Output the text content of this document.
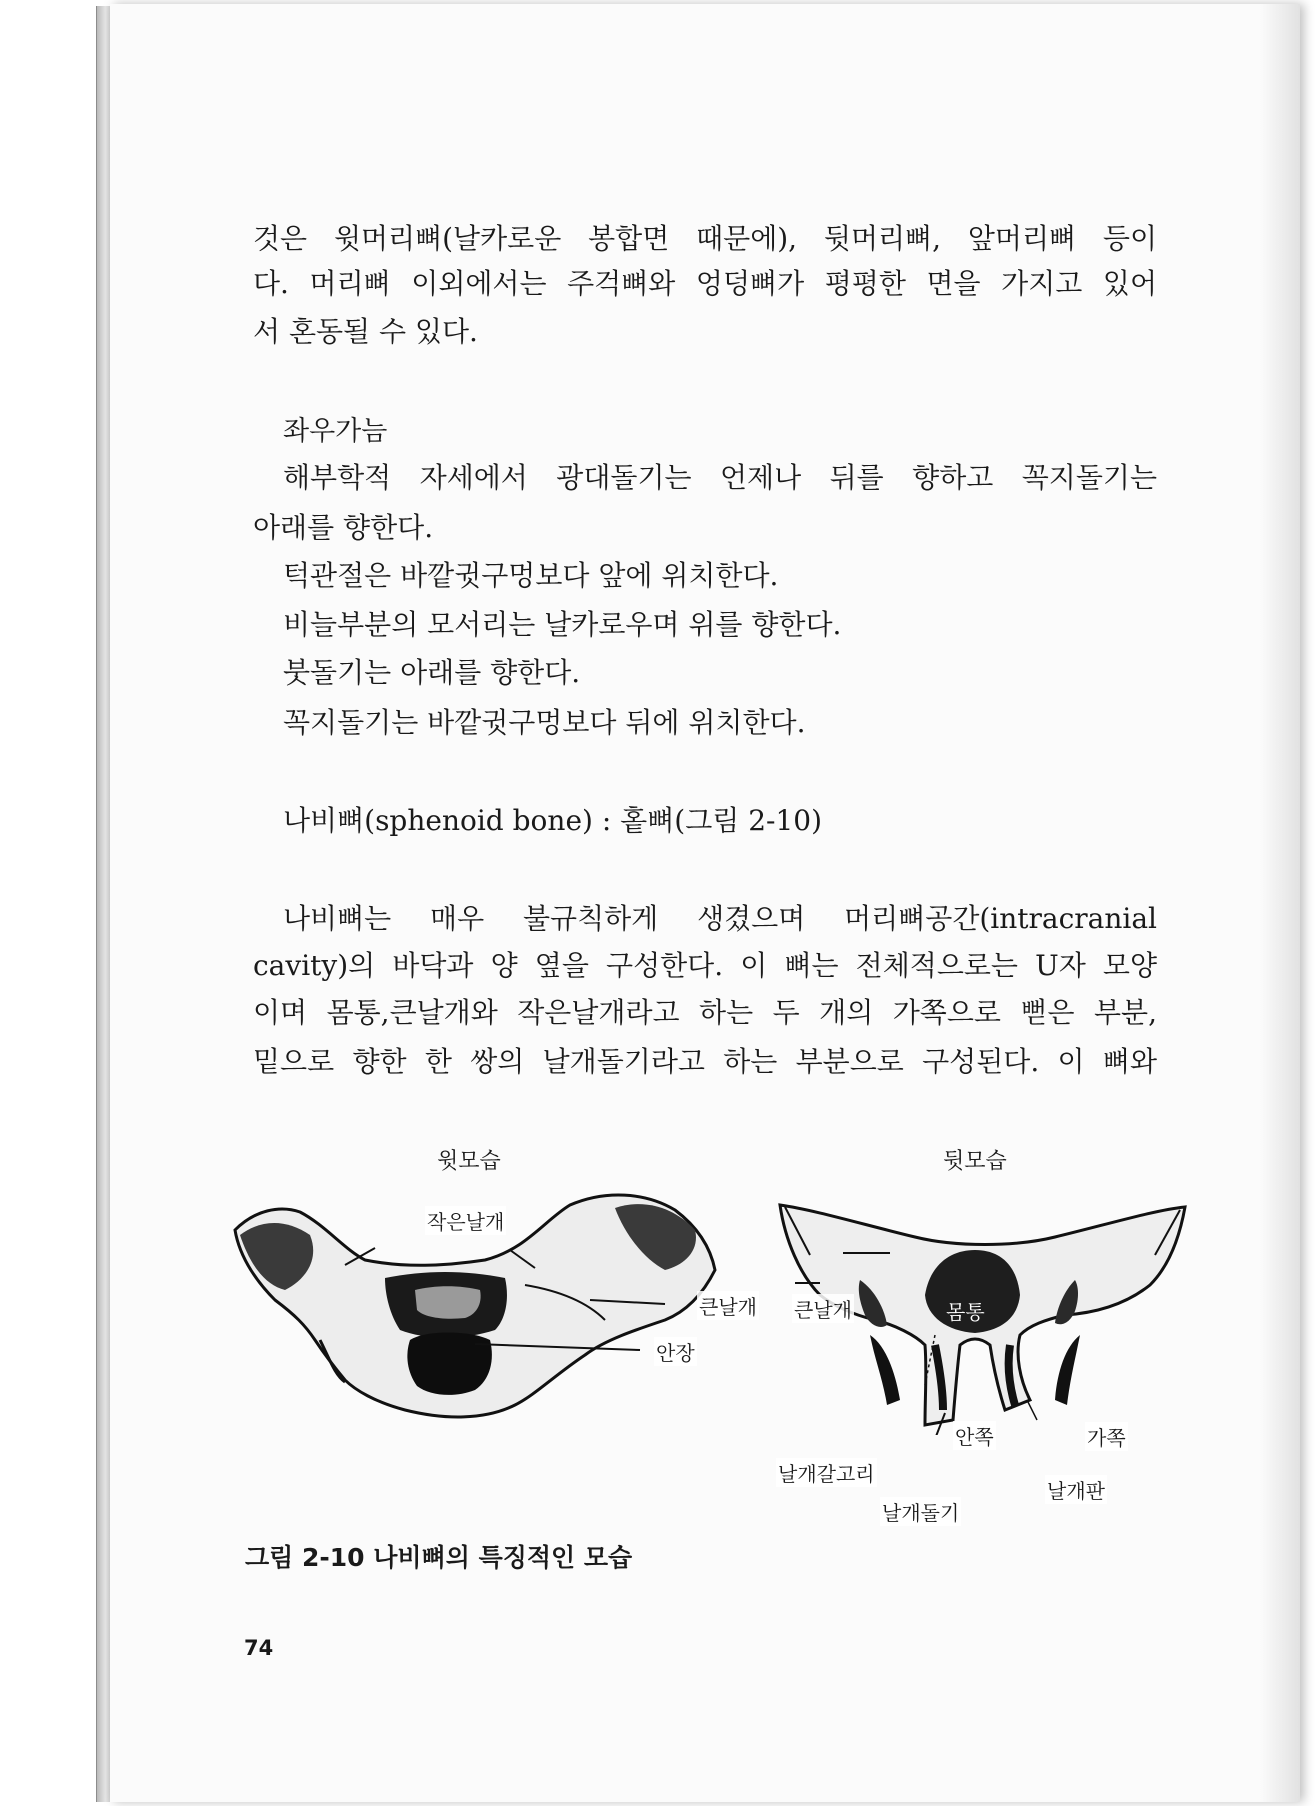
것은 윗머리뼈(날카로운 봉합면 때문에), 뒷머리뼈, 앞머리뼈 등이
다. 머리뼈 이외에서는 주걱뼈와 엉덩뼈가 평평한 면을 가지고 있어
서 혼동될 수 있다.
좌우가늠
해부학적 자세에서 광대돌기는 언제나 뒤를 향하고 꼭지돌기는
아래를 향한다.
턱관절은 바깥귓구멍보다 앞에 위치한다.
비늘부분의 모서리는 날카로우며 위를 향한다.
붓돌기는 아래를 향한다.
꼭지돌기는 바깥귓구멍보다 뒤에 위치한다.
나비뼈(sphenoid bone) : 홑뼈(그림 2-10)
나비뼈는 매우 불규칙하게 생겼으며 머리뼈공간(intracranial
cavity)의 바닥과 양 옆을 구성한다. 이 뼈는 전체적으로는 U자 모양
이며 몸통,큰날개와 작은날개라고 하는 두 개의 가쪽으로 뻗은 부분,
밑으로 향한 한 쌍의 날개돌기라고 하는 부분으로 구성된다. 이 뼈와
윗모습
작은날개
큰날개
안장
뒷모습
큰날개	몸통
안쪽	가쪽
날개갈고리
날개판
날개돌기
그림 2-10 나비뼈의 특징적인 모습
74
